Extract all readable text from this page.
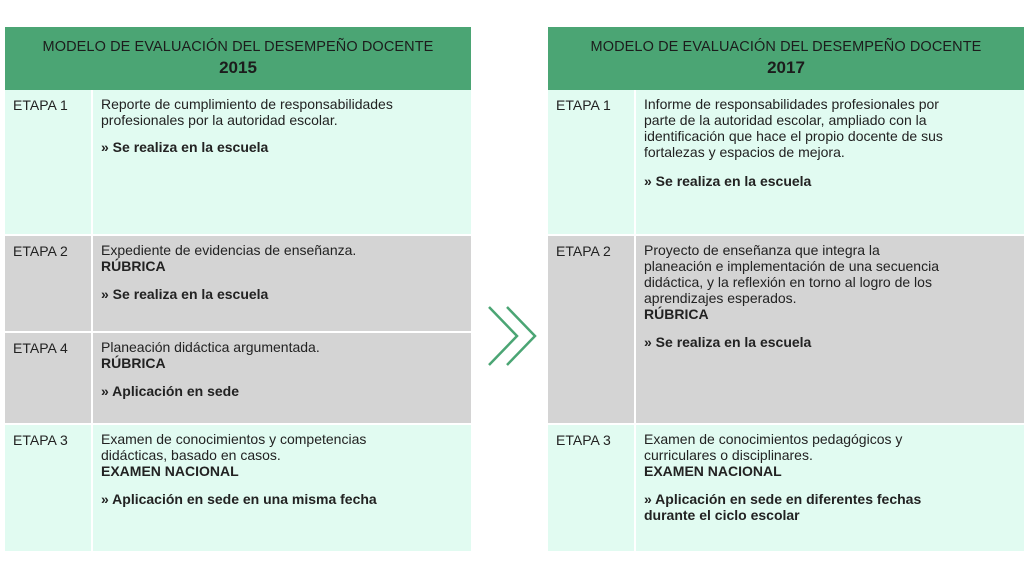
MODELO DE EVALUACIÓN DEL DESEMPEÑO DOCENTE
2015
ETAPA 1	Reporte de cumplimiento de responsabilidades
profesionales por la autoridad escolar.
» Se realiza en la escuela
ETAPA 2	Expediente de evidencias de enseñanza.
RÚBRICA
» Se realiza en la escuela
ETAPA 4	Planeación didáctica argumentada.
RÚBRICA
» Aplicación en sede
ETAPA 3	Examen de conocimientos y competencias
didácticas, basado en casos.
EXAMEN NACIONAL
» Aplicación en sede en una misma fecha
MODELO DE EVALUACIÓN DEL DESEMPEÑO DOCENTE
2017
ETAPA 1	Informe de responsabilidades profesionales por
parte de la autoridad escolar, ampliado con la
identificación que hace el propio docente de sus
fortalezas y espacios de mejora.
» Se realiza en la escuela
ETAPA 2	Proyecto de enseñanza que integra la
planeación e implementación de una secuencia
didáctica, y la reflexión en torno al logro de los
aprendizajes esperados.
RÚBRICA
» Se realiza en la escuela
ETAPA 3	Examen de conocimientos pedagógicos y
curriculares o disciplinares.
EXAMEN NACIONAL
» Aplicación en sede en diferentes fechas
durante el ciclo escolar
